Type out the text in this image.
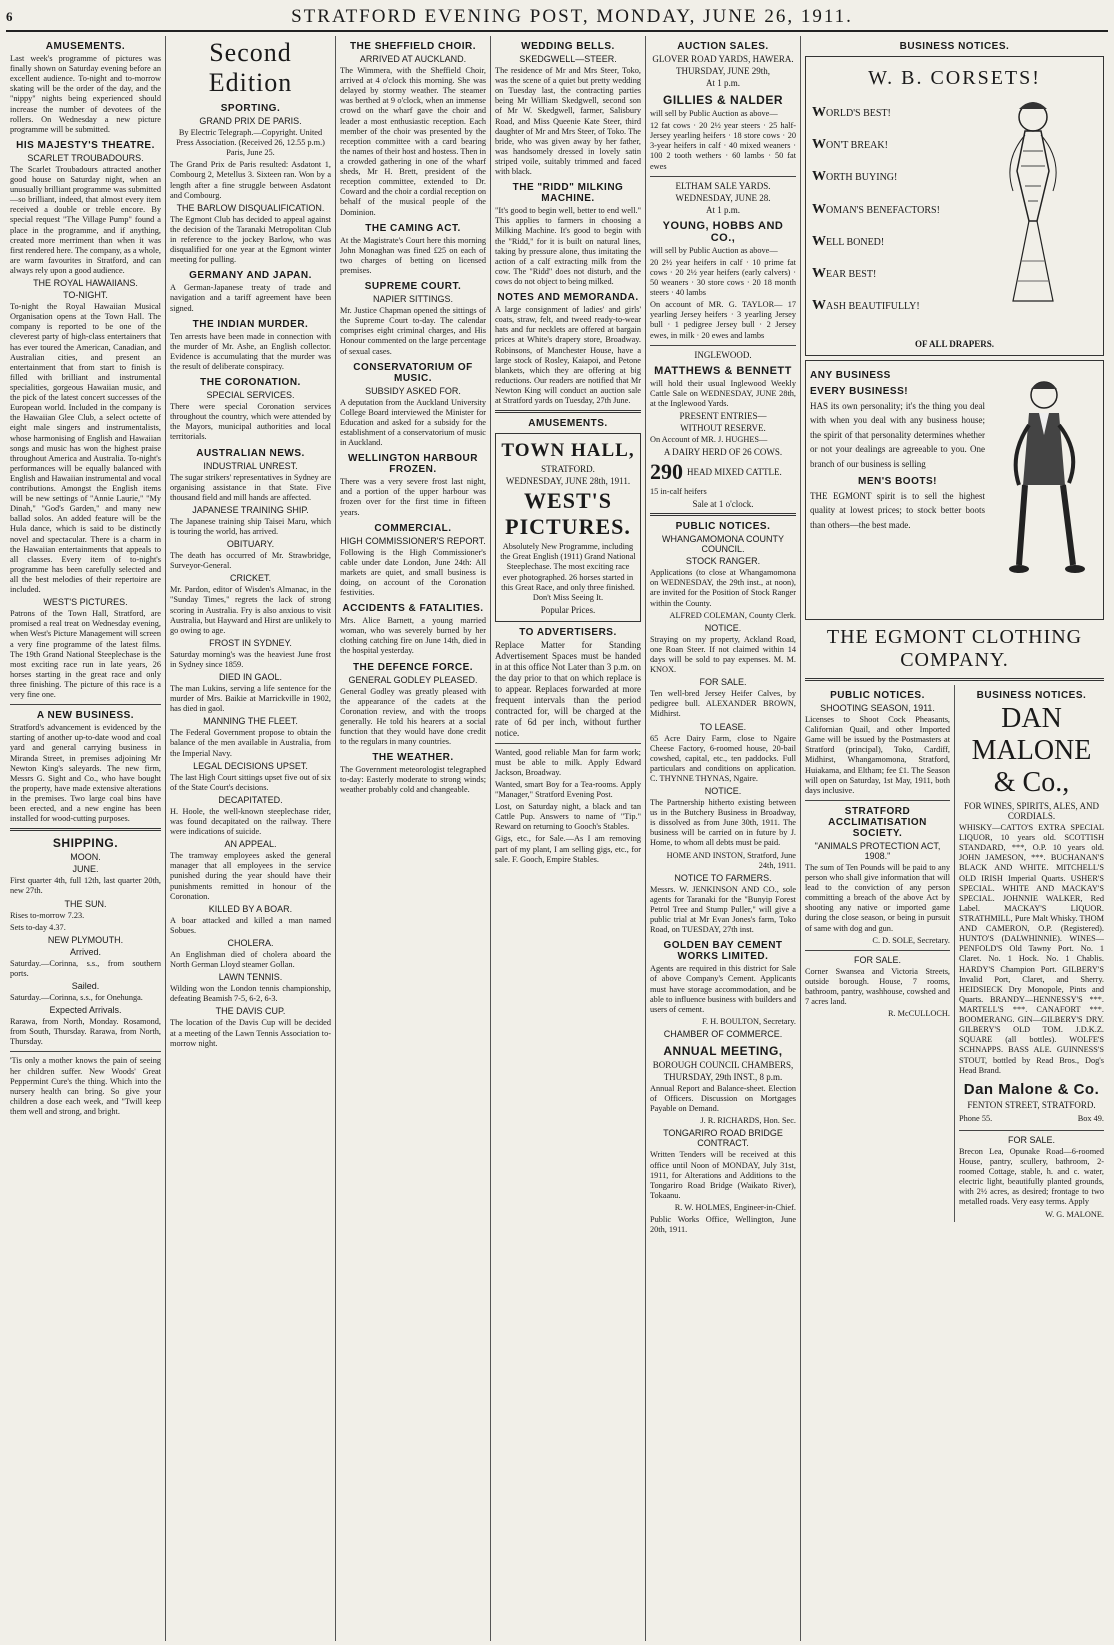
6	STRATFORD EVENING POST, MONDAY, JUNE 26, 1911.
AMUSEMENTS.
Last week's programme of pictures was finally shown on Saturday evening before an excellent audience. To-night and to-morrow skating will be the order of the day, and the "nippy" nights being experienced should increase the number of devotees of the rollers. On Wednesday a new picture programme will be submitted.
HIS MAJESTY'S THEATRE.
SCARLET TROUBADOURS.
The Scarlet Troubadours attracted another good house on Saturday night, when an unusually brilliant programme was submitted—so brilliant, indeed, that almost every item received a double or treble encore. By special request "The Village Pump" found a place in the programme, and if anything, created more merriment than when it was first rendered here. The company, as a whole, are warm favourites in Stratford, and can always rely upon a good audience.
THE ROYAL HAWAIIANS.
TO-NIGHT.
To-night the Royal Hawaiian Musical Organisation opens at the Town Hall. The company is reported to be one of the cleverest party of high-class entertainers that has ever toured the American, Canadian, and Australian cities, and present an entertainment that from start to finish is filled with brilliant and instrumental specialities, gorgeous Hawaiian music, and the pick of the latest concert successes of the European world. Included in the company is the Hawaiian Glee Club, a select octette of eight male singers and instrumentalists, whose harmonising of English and Hawaiian songs and music has won the highest praise throughout America and Australia. To-night's performances will be equally balanced with English and Hawaiian instrumental and vocal contributions. Amongst the English items will be new settings of "Annie Laurie," "My Dinah," "God's Garden," and many new ballad solos. An added feature will be the Hula dance, which is said to be distinctly novel and spectacular. There is a charm in the Hawaiian entertainments that appeals to all classes. Every item of to-night's programme has been carefully selected and all the best melodies of their repertoire are included.
WEST'S PICTURES.
Patrons of the Town Hall, Stratford, are promised a real treat on Wednesday evening, when West's Picture Management will screen a very fine programme of the latest films. The 19th Grand National Steeplechase is the most exciting race run in late years, 26 horses starting in the great race and only three finishing. The picture of this race is a very fine one.
A NEW BUSINESS.
Stratford's advancement is evidenced by the starting of another up-to-date wood and coal yard and general carrying business in Miranda Street, in premises adjoining Mr Newton King's saleyards. The new firm, Messrs G. Sight and Co., who have bought the property, have made extensive alterations in the premises. Two large coal bins have been erected, and a new engine has been installed for wood-cutting purposes.
SHIPPING.
MOON.
JUNE.
First quarter 4th, full 12th, last quarter 20th, new 27th.
THE SUN.
Rises to-morrow 7.23.
Sets to-day 4.37.
NEW PLYMOUTH.
Arrived.
Saturday.—Corinna, s.s., from southern ports.
Sailed.
Saturday.—Corinna, s.s., for Onehunga.
Expected Arrivals.
Rarawa, from North, Monday. Rosamond, from South, Thursday. Rarawa, from North, Thursday.
'Tis only a mother knows the pain of seeing her children suffer. New Woods' Great Peppermint Cure's the thing. Which into the nursery health can bring. So give your children a dose each week, and "Twill keep them well and strong, and bright.
Second Edition
SPORTING.
GRAND PRIX DE PARIS.
By Electric Telegraph.—Copyright. United Press Association. (Received 26, 12.55 p.m.) Paris, June 25.
The Grand Prix de Paris resulted: Asdatont 1, Combourg 2, Metellus 3. Sixteen ran. Won by a length after a fine struggle between Asdatont and Combourg.
THE BARLOW DISQUALIFICATION.
The Egmont Club has decided to appeal against the decision of the Taranaki Metropolitan Club in reference to the jockey Barlow, who was disqualified for one year at the Egmont winter meeting for pulling.
GERMANY AND JAPAN.
A German-Japanese treaty of trade and navigation and a tariff agreement have been signed.
THE INDIAN MURDER.
Ten arrests have been made in connection with the murder of Mr. Ashe, an English collector. Evidence is accumulating that the murder was the result of deliberate conspiracy.
THE CORONATION.
SPECIAL SERVICES.
There were special Coronation services throughout the country, which were attended by the Mayors, municipal authorities and local territorials.
AUSTRALIAN NEWS.
INDUSTRIAL UNREST.
The sugar strikers' representatives in Sydney are organising assistance in that State. Five thousand field and mill hands are affected.
JAPANESE TRAINING SHIP.
The Japanese training ship Taisei Maru, which is touring the world, has arrived.
OBITUARY.
The death has occurred of Mr. Strawbridge, Surveyor-General.
CRICKET.
Mr. Pardon, editor of Wisden's Almanac, in the "Sunday Times," regrets the lack of strong scoring in Australia. Fry is also anxious to visit Australia, but Hayward and Hirst are unlikely to go owing to age.
FROST IN SYDNEY.
Saturday morning's was the heaviest June frost in Sydney since 1859.
DIED IN GAOL.
The man Lukins, serving a life sentence for the murder of Mrs. Baikie at Marrickville in 1902, has died in gaol.
MANNING THE FLEET.
The Federal Government propose to obtain the balance of the men available in Australia, from the Imperial Navy.
LEGAL DECISIONS UPSET.
The last High Court sittings upset five out of six of the State Court's decisions.
DECAPITATED.
H. Hoole, the well-known steeplechase rider, was found decapitated on the railway. There were indications of suicide.
AN APPEAL.
The tramway employees asked the general manager that all employees in the service punished during the year should have their punishments remitted in honour of the Coronation.
KILLED BY A BOAR.
A boar attacked and killed a man named Sobues.
CHOLERA.
An Englishman died of cholera aboard the North German Lloyd steamer Gollan.
LAWN TENNIS.
Wilding won the London tennis championship, defeating Beamish 7-5, 6-2, 6-3.
THE DAVIS CUP.
The location of the Davis Cup will be decided at a meeting of the Lawn Tennis Association to-morrow night.
THE SHEFFIELD CHOIR.
ARRIVED AT AUCKLAND.
The Wimmera, with the Sheffield Choir, arrived at 4 o'clock this morning. She was delayed by stormy weather. The steamer was berthed at 9 o'clock, when an immense crowd on the wharf gave the choir and leader a most enthusiastic reception. Each member of the choir was presented by the reception committee with a card bearing the names of their host and hostess. Then in a crowded gathering in one of the wharf sheds, Mr H. Brett, president of the reception committee, extended to Dr. Coward and the choir a cordial reception on behalf of the musical people of the Dominion.
THE CAMING ACT.
At the Magistrate's Court here this morning John Monaghan was fined £25 on each of two charges of betting on licensed premises.
SUPREME COURT.
NAPIER SITTINGS.
Mr. Justice Chapman opened the sittings of the Supreme Court to-day. The calendar comprises eight criminal charges, and His Honour commented on the large percentage of sexual cases.
CONSERVATORIUM OF MUSIC.
SUBSIDY ASKED FOR.
A deputation from the Auckland University College Board interviewed the Minister for Education and asked for a subsidy for the establishment of a conservatorium of music in Auckland.
WELLINGTON HARBOUR FROZEN.
There was a very severe frost last night, and a portion of the upper harbour was frozen over for the first time in fifteen years.
COMMERCIAL.
HIGH COMMISSIONER'S REPORT.
Following is the High Commissioner's cable under date London, June 24th: All markets are quiet, and small business is doing, on account of the Coronation festivities.
ACCIDENTS & FATALITIES.
Mrs. Alice Barnett, a young married woman, who was severely burned by her clothing catching fire on June 14th, died in the hospital yesterday.
THE DEFENCE FORCE.
GENERAL GODLEY PLEASED.
General Godley was greatly pleased with the appearance of the cadets at the Coronation review, and with the troops generally. He told his hearers at a social function that they would have done credit to the regulars in many countries.
THE WEATHER.
The Government meteorologist telegraphed to-day: Easterly moderate to strong winds; weather probably cold and changeable.
WEDDING BELLS.
SKEDGWELL—STEER.
The residence of Mr and Mrs Steer, Toko, was the scene of a quiet but pretty wedding on Tuesday last, the contracting parties being Mr William Skedgwell, second son of Mr W. Skedgwell, farmer, Salisbury Road, and Miss Queenie Kate Steer, third daughter of Mr and Mrs Steer, of Toko. The bride, who was given away by her father, was handsomely dressed in lovely satin striped voile, suitably trimmed and faced with black.
THE "RIDD" MILKING MACHINE.
"It's good to begin well, better to end well." This applies to farmers in choosing a Milking Machine. It's good to begin with the "Ridd," for it is built on natural lines, taking by pressure alone, thus imitating the action of a calf extracting milk from the cow. The "Ridd" does not disturb, and the cows do not object to being milked.
NOTES AND MEMORANDA.
A large consignment of ladies' and girls' coats, straw, felt, and tweed ready-to-wear hats and fur necklets are offered at bargain prices at White's drapery store, Broadway. Robinsons, of Manchester House, have a large stock of Rosley, Kaiapoi, and Petone blankets, which they are offering at big reductions. Our readers are notified that Mr Newton King will conduct an auction sale at Stratford yards on Tuesday, 27th June.
AMUSEMENTS.
TOWN HALL,
STRATFORD.
WEDNESDAY, JUNE 28th, 1911.
WEST'S PICTURES.
Absolutely New Programme, including the Great English (1911) Grand National Steeplechase. The most exciting race ever photographed. 26 horses started in this Great Race, and only three finished. Don't Miss Seeing It.
Popular Prices.
TO ADVERTISERS.
Replace Matter for Standing Advertisement Spaces must be handed in at this office Not Later than 3 p.m. on the day prior to that on which replace is to appear. Replaces forwarded at more frequent intervals than the period contracted for, will be charged at the rate of 6d per inch, without further notice.
Wanted, good reliable Man for farm work; must be able to milk. Apply Edward Jackson, Broadway.
Wanted, smart Boy for a Tea-rooms. Apply "Manager," Stratford Evening Post.
Lost, on Saturday night, a black and tan Cattle Pup. Answers to name of "Tip." Reward on returning to Gooch's Stables.
Gigs, etc., for Sale.—As I am removing part of my plant, I am selling gigs, etc., for sale. F. Gooch, Empire Stables.
AUCTION SALES.
GLOVER ROAD YARDS, HAWERA.
THURSDAY, JUNE 29th,
At 1 p.m.
GILLIES & NALDER
will sell by Public Auction as above—
12 fat cows · 20 2½ year steers · 25 half-Jersey yearling heifers · 18 store cows · 20 3-year heifers in calf · 40 mixed weaners · 100 2 tooth wethers · 60 lambs · 50 fat ewes
ELTHAM SALE YARDS.
WEDNESDAY, JUNE 28.
At 1 p.m.
YOUNG, HOBBS AND CO.,
will sell by Public Auction as above—
20 2½ year heifers in calf · 10 prime fat cows · 20 2½ year heifers (early calvers) · 50 weaners · 30 store cows · 20 18 month steers · 40 lambs
On account of MR. G. TAYLOR— 17 yearling Jersey heifers · 3 yearling Jersey bull · 1 pedigree Jersey bull · 2 Jersey ewes, in milk · 20 ewes and lambs
INGLEWOOD.
MATTHEWS & BENNETT
will hold their usual Inglewood Weekly Cattle Sale on WEDNESDAY, JUNE 28th, at the Inglewood Yards.
PRESENT ENTRIES—
WITHOUT RESERVE.
On Account of MR. J. HUGHES—
A DAIRY HERD OF 26 COWS.
290 HEAD MIXED CATTLE.
15 in-calf heifers
Sale at 1 o'clock.
PUBLIC NOTICES.
WHANGAMOMONA COUNTY COUNCIL.
STOCK RANGER.
Applications (to close at Whangamomona on WEDNESDAY, the 29th inst., at noon), are invited for the Position of Stock Ranger within the County.
ALFRED COLEMAN, County Clerk.
NOTICE.
Straying on my property, Ackland Road, one Roan Steer. If not claimed within 14 days will be sold to pay expenses. M. M. KNOX.
FOR SALE.
Ten well-bred Jersey Heifer Calves, by pedigree bull. ALEXANDER BROWN, Midhirst.
TO LEASE.
65 Acre Dairy Farm, close to Ngaire Cheese Factory, 6-roomed house, 20-bail cowshed, capital, etc., ten paddocks. Full particulars and conditions on application. C. THYNNE THYNAS, Ngaire.
NOTICE.
The Partnership hitherto existing between us in the Butchery Business in Broadway, is dissolved as from June 30th, 1911. The business will be carried on in future by J. Home, to whom all debts must be paid.
HOME AND INSTON, Stratford, June 24th, 1911.
NOTICE TO FARMERS.
Messrs. W. JENKINSON AND CO., sole agents for Taranaki for the "Bunyip Forest Petrol Tree and Stump Puller," will give a public trial at Mr Evan Jones's farm, Toko Road, on TUESDAY, 27th inst.
GOLDEN BAY CEMENT WORKS LIMITED.
Agents are required in this district for Sale of above Company's Cement. Applicants must have storage accommodation, and be able to influence business with builders and users of cement.
F. H. BOULTON, Secretary.
CHAMBER OF COMMERCE.
ANNUAL MEETING,
BOROUGH COUNCIL CHAMBERS,
THURSDAY, 29th INST., 8 p.m.
Annual Report and Balance-sheet. Election of Officers. Discussion on Mortgages Payable on Demand.
J. R. RICHARDS, Hon. Sec.
TONGARIRO ROAD BRIDGE CONTRACT.
Written Tenders will be received at this office until Noon of MONDAY, July 31st, 1911, for Alterations and Additions to the Tongariro Road Bridge (Waikato River), Tokaanu.
R. W. HOLMES, Engineer-in-Chief.
Public Works Office, Wellington, June 20th, 1911.
BUSINESS NOTICES.
W. B. CORSETS!
WORLD'S BEST!
WON'T BREAK!
WORTH BUYING!
WOMAN'S BENEFACTORS!
WELL BONED!
WEAR BEST!
WASH BEAUTIFULLY!
OF ALL DRAPERS.
ANY BUSINESS
EVERY BUSINESS!
HAS its own personality; it's the thing you deal with when you deal with any business house; the spirit of that personality determines whether or not your dealings are agreeable to you. One branch of our business is selling
MEN'S BOOTS!
THE EGMONT spirit is to sell the highest quality at lowest prices; to stock better boots than others—the best made.
THE EGMONT CLOTHING COMPANY.
PUBLIC NOTICES.
SHOOTING SEASON, 1911.
Licenses to Shoot Cock Pheasants, Californian Quail, and other Imported Game will be issued by the Postmasters at Stratford (principal), Toko, Cardiff, Midhirst, Whangamomona, Stratford, Huiakama, and Eltham; fee £1. The Season will open on Saturday, 1st May, 1911, both days inclusive.
STRATFORD ACCLIMATISATION SOCIETY.
"ANIMALS PROTECTION ACT, 1908."
The sum of Ten Pounds will be paid to any person who shall give information that will lead to the conviction of any person committing a breach of the above Act by shooting any native or imported game during the close season, or being in pursuit of same with dog and gun.
C. D. SOLE, Secretary.
FOR SALE.
Corner Swansea and Victoria Streets, outside borough. House, 7 rooms, bathroom, pantry, washhouse, cowshed and 7 acres land.
R. McCULLOCH.
BUSINESS NOTICES.
DAN MALONE & Co.,
FOR WINES, SPIRITS, ALES, AND CORDIALS.
WHISKY—CATTO'S EXTRA SPECIAL LIQUOR, 10 years old. SCOTTISH STANDARD, ***, O.P. 10 years old. JOHN JAMESON, ***. BUCHANAN'S BLACK AND WHITE. MITCHELL'S OLD IRISH Imperial Quarts. USHER'S SPECIAL. WHITE AND MACKAY'S SPECIAL. JOHNNIE WALKER, Red Label. MACKAY'S LIQUOR. STRATHMILL, Pure Malt Whisky. THOM AND CAMERON, O.P. (Registered). HUNTO'S (DALWHINNIE). WINES—PENFOLD'S Old Tawny Port. No. 1 Claret. No. 1 Hock. No. 1 Chablis. HARDY'S Champion Port. GILBERY'S Invalid Port, Claret, and Sherry. HEIDSIECK Dry Monopole, Pints and Quarts. BRANDY—HENNESSY'S ***. MARTELL'S ***. CANAFORT ***. BOOMERANG. GIN—GILBERY'S DRY. GILBERY'S OLD TOM. J.D.K.Z. SQUARE (all bottles). WOLFE'S SCHNAPPS. BASS ALE. GUINNESS'S STOUT, bottled by Read Bros., Dog's Head Brand.
Dan Malone & Co.
FENTON STREET, STRATFORD.
Phone 55.	Box 49.
FOR SALE.
Brecon Lea, Opunake Road—6-roomed House, pantry, scullery, bathroom, 2-roomed Cottage, stable, h. and c. water, electric light, beautifully planted grounds, with 2½ acres, as desired; frontage to two metalled roads. Very easy terms. Apply
W. G. MALONE.
